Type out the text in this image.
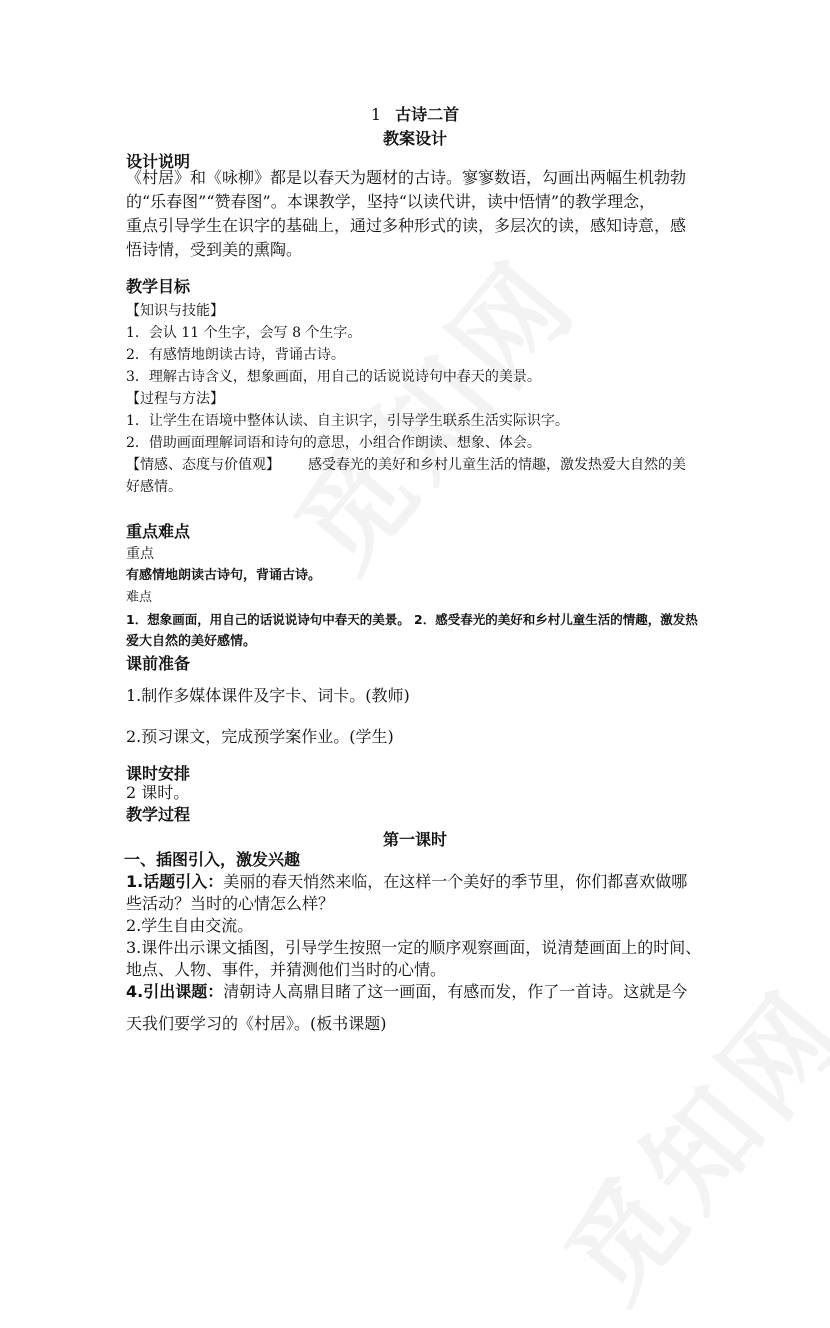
1 古诗二首
教案设计
设计说明
《村居》和《咏柳》都是以春天为题材的古诗。寥寥数语，勾画出两幅生机勃勃
的“乐春图”“赞春图”。本课教学，坚持“以读代讲，读中悟情”的教学理念，
重点引导学生在识字的基础上，通过多种形式的读，多层次的读，感知诗意，感
悟诗情，受到美的熏陶。
教学目标
【知识与技能】
1．会认 11 个生字，会写 8 个生字。
2．有感情地朗读古诗，背诵古诗。
3．理解古诗含义，想象画面，用自己的话说说诗句中春天的美景。
【过程与方法】
1．让学生在语境中整体认读、自主识字，引导学生联系生活实际识字。
2．借助画面理解词语和诗句的意思，小组合作朗读、想象、体会。
【情感、态度与价值观】 感受春光的美好和乡村儿童生活的情趣，激发热爱大自然的美
好感情。
重点难点
重点
有感情地朗读古诗句，背诵古诗。
难点
1．想象画面，用自己的话说说诗句中春天的美景。 2．感受春光的美好和乡村儿童生活的情趣，激发热
爱大自然的美好感情。
课前准备
1.制作多媒体课件及字卡、词卡。(教师)
2.预习课文，完成预学案作业。(学生)
课时安排
2 课时。
教学过程
第一课时
一、插图引入，激发兴趣
1.话题引入：美丽的春天悄然来临，在这样一个美好的季节里，你们都喜欢做哪
些活动？当时的心情怎么样？
2.学生自由交流。
3.课件出示课文插图，引导学生按照一定的顺序观察画面，说清楚画面上的时间、
地点、人物、事件，并猜测他们当时的心情。
4.引出课题：清朝诗人高鼎目睹了这一画面，有感而发，作了一首诗。这就是今
天我们要学习的《村居》。(板书课题)
